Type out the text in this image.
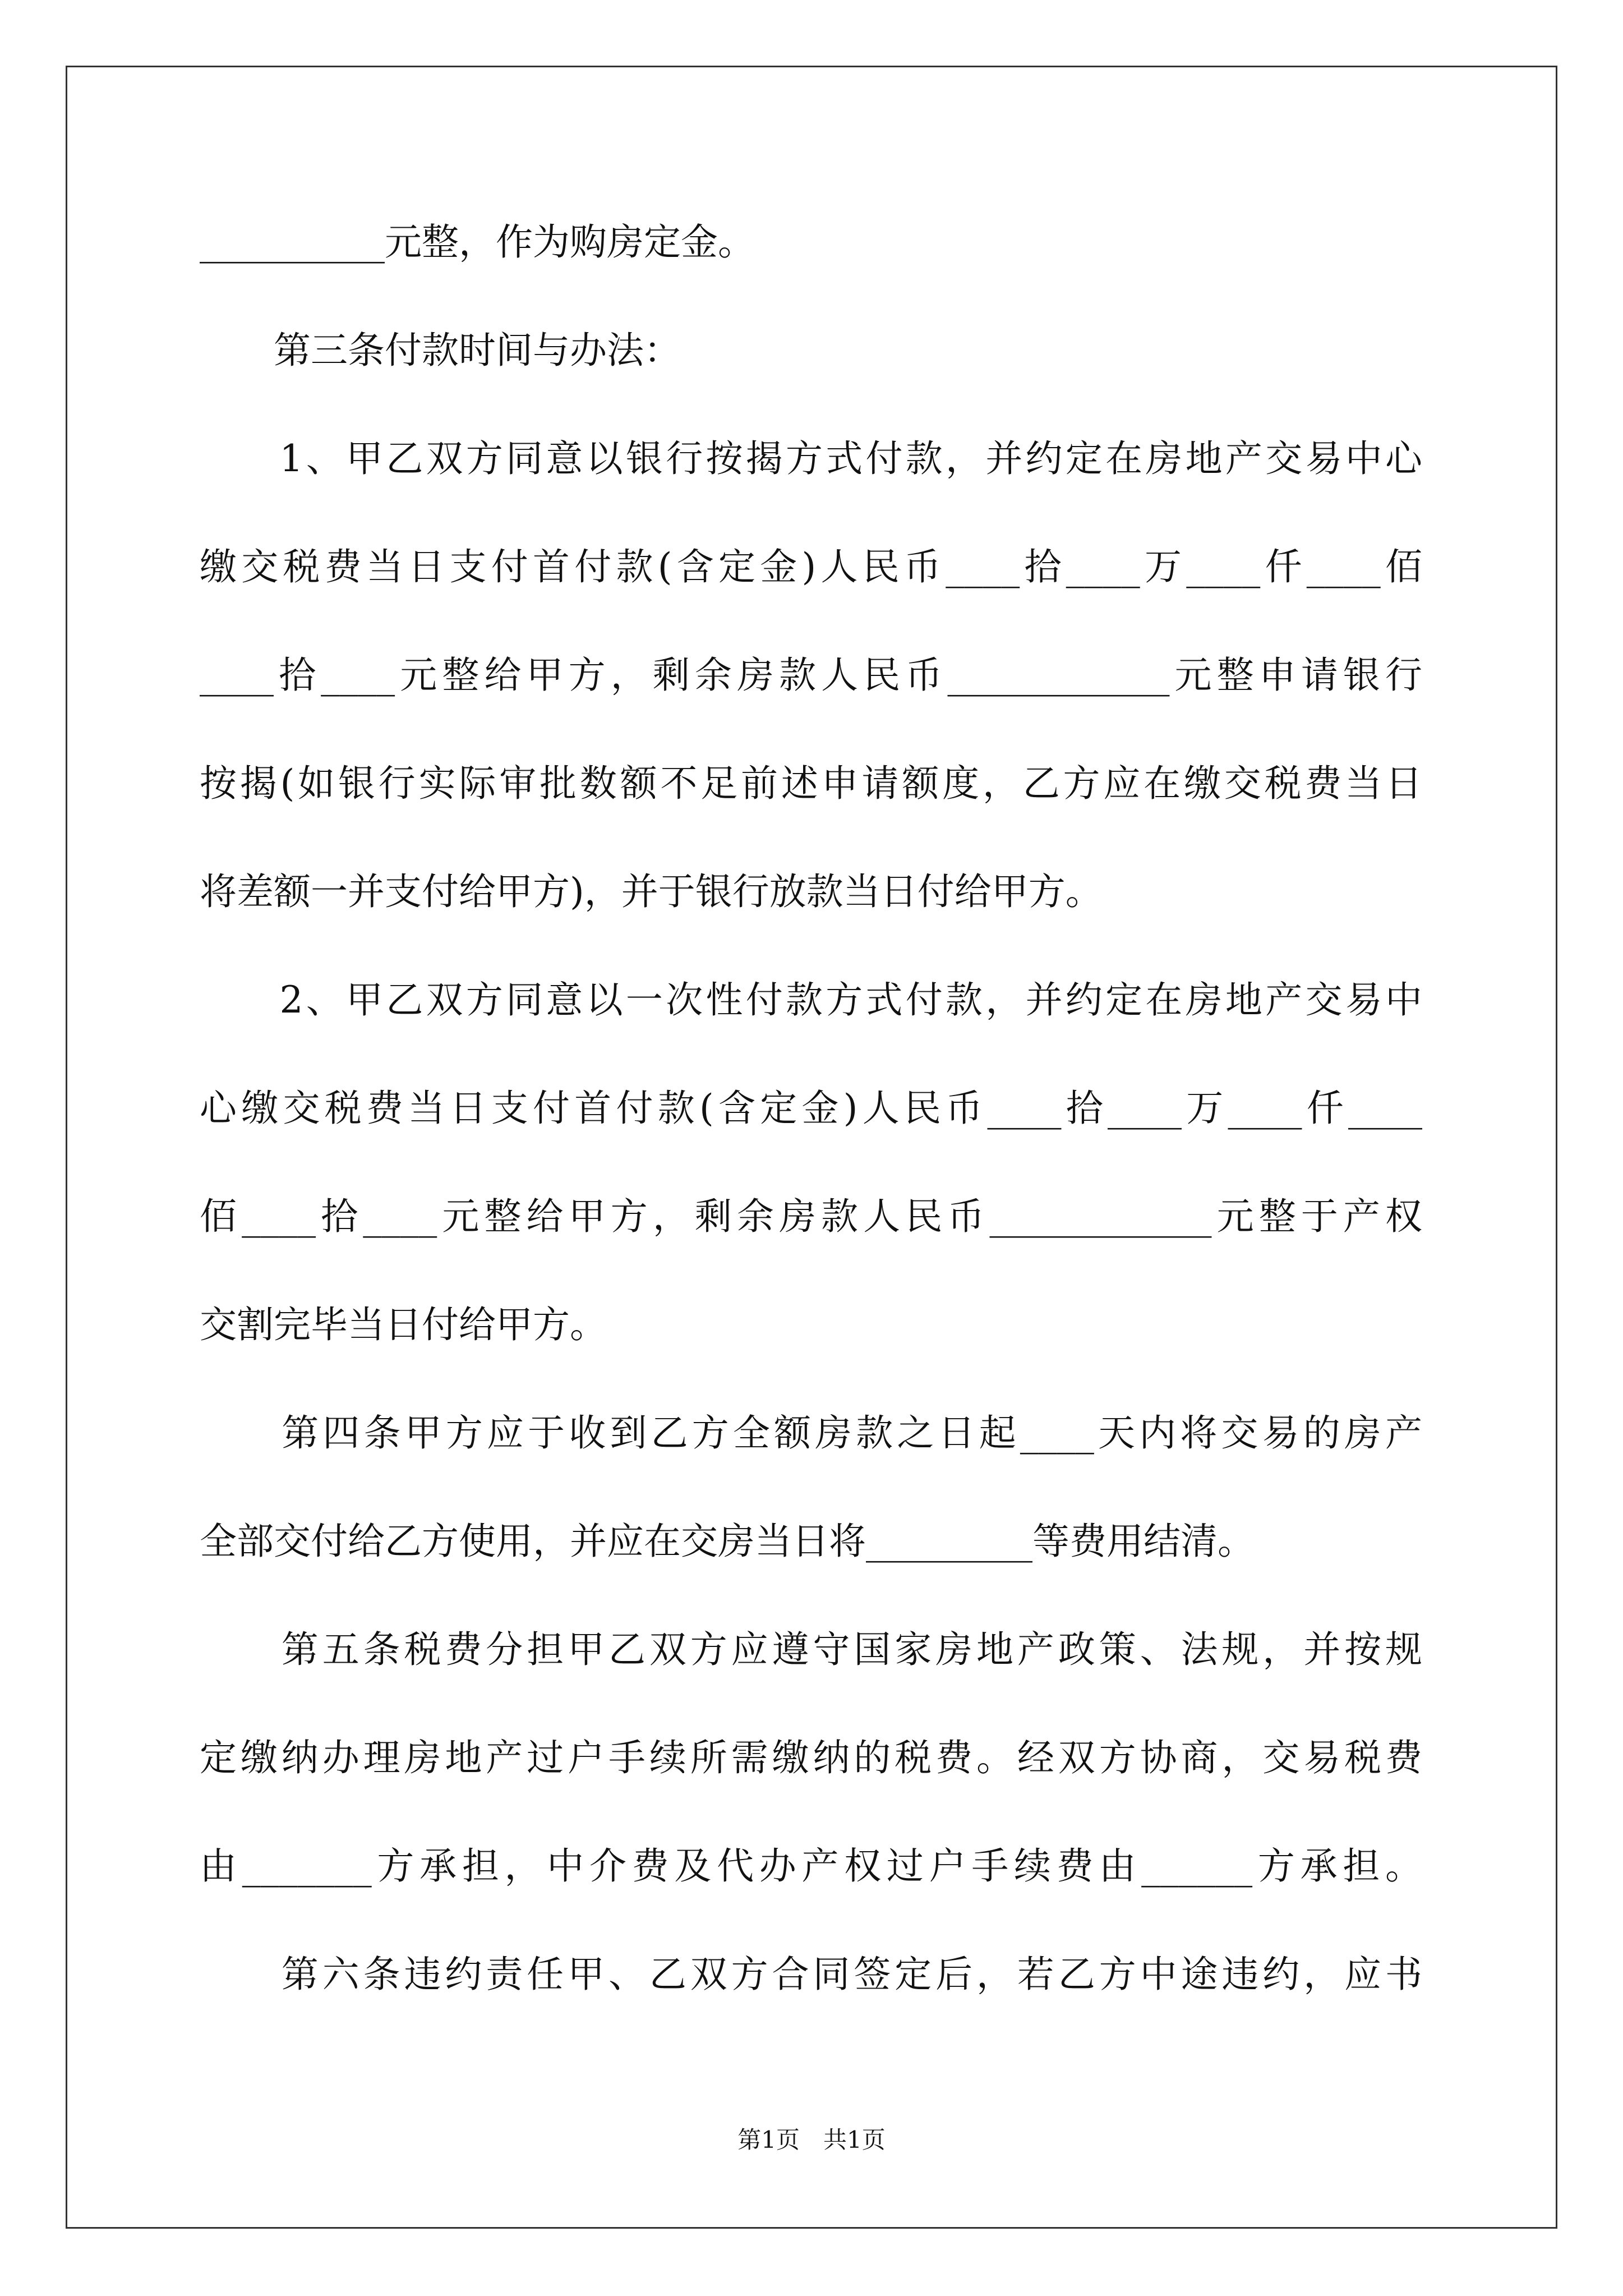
__________元整，作为购房定金。
　　第三条付款时间与办法：
　　1、甲乙双方同意以银行按揭方式付款，并约定在房地产交易中心
缴交税费当日支付首付款(含定金)人民币____拾____万____仟____佰
____拾____元整给甲方，剩余房款人民币____________元整申请银行
按揭(如银行实际审批数额不足前述申请额度，乙方应在缴交税费当日
将差额一并支付给甲方)，并于银行放款当日付给甲方。
　　2、甲乙双方同意以一次性付款方式付款，并约定在房地产交易中
心缴交税费当日支付首付款(含定金)人民币____拾____万____仟____
佰____拾____元整给甲方，剩余房款人民币____________元整于产权
交割完毕当日付给甲方。
　　第四条甲方应于收到乙方全额房款之日起____天内将交易的房产
全部交付给乙方使用，并应在交房当日将_________等费用结清。
　　第五条税费分担甲乙双方应遵守国家房地产政策、法规，并按规
定缴纳办理房地产过户手续所需缴纳的税费。经双方协商，交易税费
由_______方承担，中介费及代办产权过户手续费由______方承担。
　　第六条违约责任甲、乙双方合同签定后，若乙方中途违约，应书
第1页　共1页
